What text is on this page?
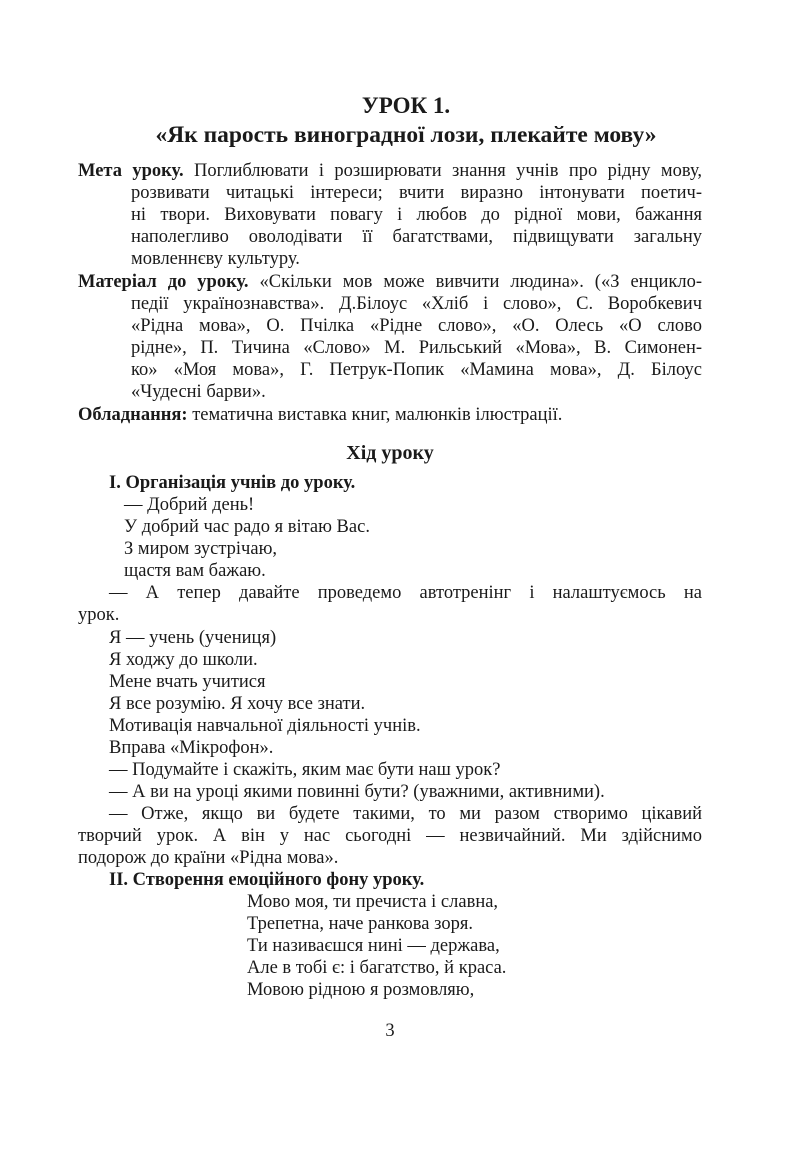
УРОК 1.
«Як парость виноградної лози, плекайте мову»
Мета уроку. Поглиблювати і розширювати знання учнів про рідну мову,
розвивати читацькі інтереси; вчити виразно інтонувати поетич-
ні твори. Виховувати повагу і любов до рідної мови, бажання
наполегливо оволодівати її багатствами, підвищувати загальну
мовленнєву культуру.
Матеріал до уроку. «Скільки мов може вивчити людина». («З енцикло-
педії українознавства». Д.Білоус «Хліб і слово», С. Воробкевич
«Рідна мова», О. Пчілка «Рідне слово», «О. Олесь «О слово
рідне», П. Тичина «Слово» М. Рильський «Мова», В. Симонен-
ко» «Моя мова», Г. Петрук-Попик «Мамина мова», Д. Білоус
«Чудесні барви».
Обладнання: тематична виставка книг, малюнків ілюстрації.
Хід уроку
І. Організація учнів до уроку.
— Добрий день!
У добрий час радо я вітаю Вас.
З миром зустрічаю,
щастя вам бажаю.
— А тепер давайте проведемо автотренінг і налаштуємось на
урок.
Я — учень (учениця)
Я ходжу до школи.
Мене вчать учитися
Я все розумію. Я хочу все знати.
Мотивація навчальної діяльності учнів.
Вправа «Мікрофон».
— Подумайте і скажіть, яким має бути наш урок?
— А ви на уроці якими повинні бути? (уважними, активними).
— Отже, якщо ви будете такими, то ми разом створимо цікавий
творчий урок. А він у нас сьогодні — незвичайний. Ми здійснимо
подорож до країни «Рідна мова».
ІІ. Створення емоційного фону уроку.
Мово моя, ти пречиста і славна,
Трепетна, наче ранкова зоря.
Ти називаєшся нині — держава,
Але в тобі є: і багатство, й краса.
Мовою рідною я розмовляю,
3
